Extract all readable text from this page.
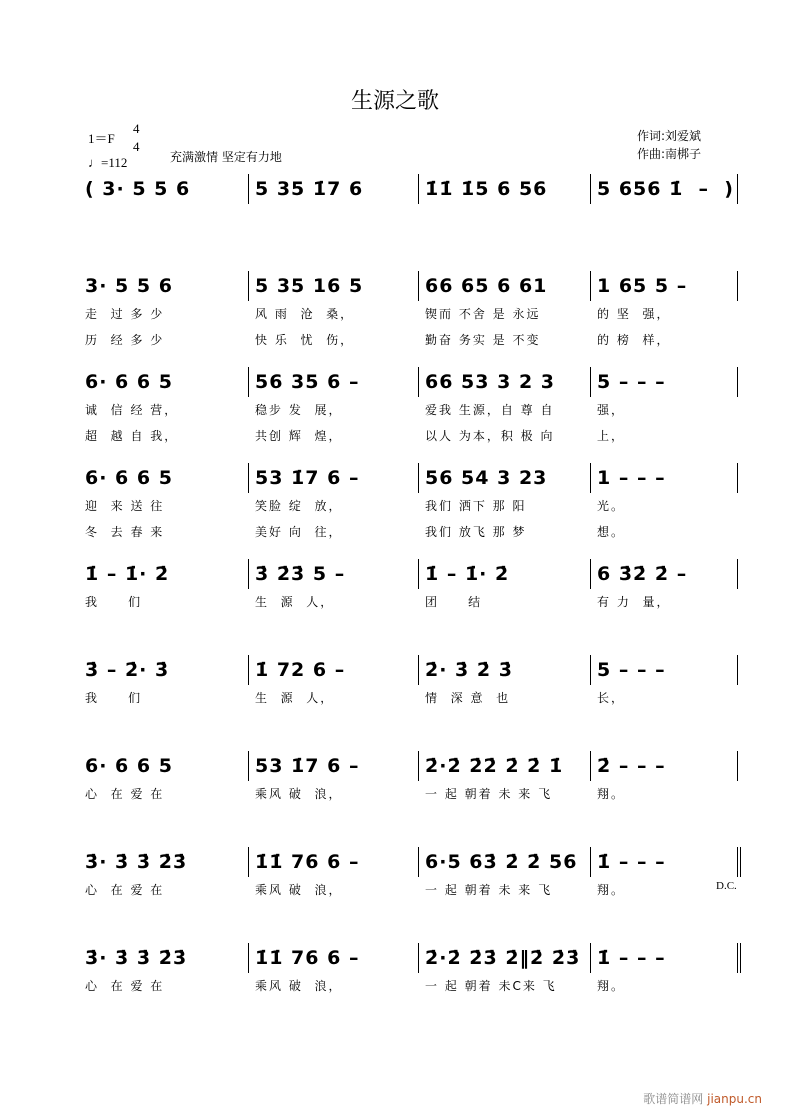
生源之歌
1＝F
4
4
♩=112	充满激情 坚定有力地
作词:刘爱斌
作曲:南梆子
( 3· 5 5 6	5 35 1̇7 6	1̇1̇ 1̇5 6 56	5 656 1̇  –  )
3· 5 5 6
走  过 多 少
历  经 多 少
5 35 16 5
风 雨  沧  桑，
快 乐  忧  伤，
66 65 6 61
锲而 不舍 是 永远
勤奋 务实 是 不变
1 65 5 –
的 坚  强，
的 榜  样，
6· 6 6 5
诚  信 经 营，
超  越 自 我，
56 35 6 –
稳步 发  展，
共创 辉  煌，
66 53 3 2 3
爱我 生源，自 尊 自
以人 为本，积 极 向
5 – – –
强，
上，
6· 6 6 5
迎  来 送 往
冬  去 春 来
53 1̇7 6 –
笑脸 绽  放，
美好 向  往，
56 54 3 23
我们 洒下 那 阳
我们 放飞 那 梦
1 – – –
光。
想。
1̇ – 1̇· 2̇
我     们
3̇ 2̇3̇ 5 –
生  源  人，
1̇ – 1̇· 2̇
团     结
6 3̇2̇ 2̇ –
有 力  量，
3̇ – 2̇· 3̇
我     们
1̇ 72 6 –
生  源  人，
2̇· 3̇ 2̇ 3̇
情  深 意  也
5 – – –
长，
6· 6 6 5
心  在 爱 在
53 1̇7 6 –
乘风 破  浪，
2̇·2̇ 2̇2̇ 2̇ 2̇ 1̇
一 起 朝着 未 来 飞
2̇ – – –
翔。
3̇· 3̇ 3̇ 2̇3̇
心  在 爱 在
1̇1̇ 76 6 –
乘风 破  浪，
6·5 63̇ 2̇ 2̇ 56
一 起 朝着 未 来 飞
1̇ – – –
翔。
3̇· 3̇ 3̇ 2̇3̇
心  在 爱 在
1̇1̇ 76 6 –
乘风 破  浪，
2̇·2̇ 2̇3̇ 2̇‖2̇ 2̇3̇
一 起 朝着 未C来 飞
1̇ – – –
翔。
D.C.
歌谱简谱网 jianpu.cn
